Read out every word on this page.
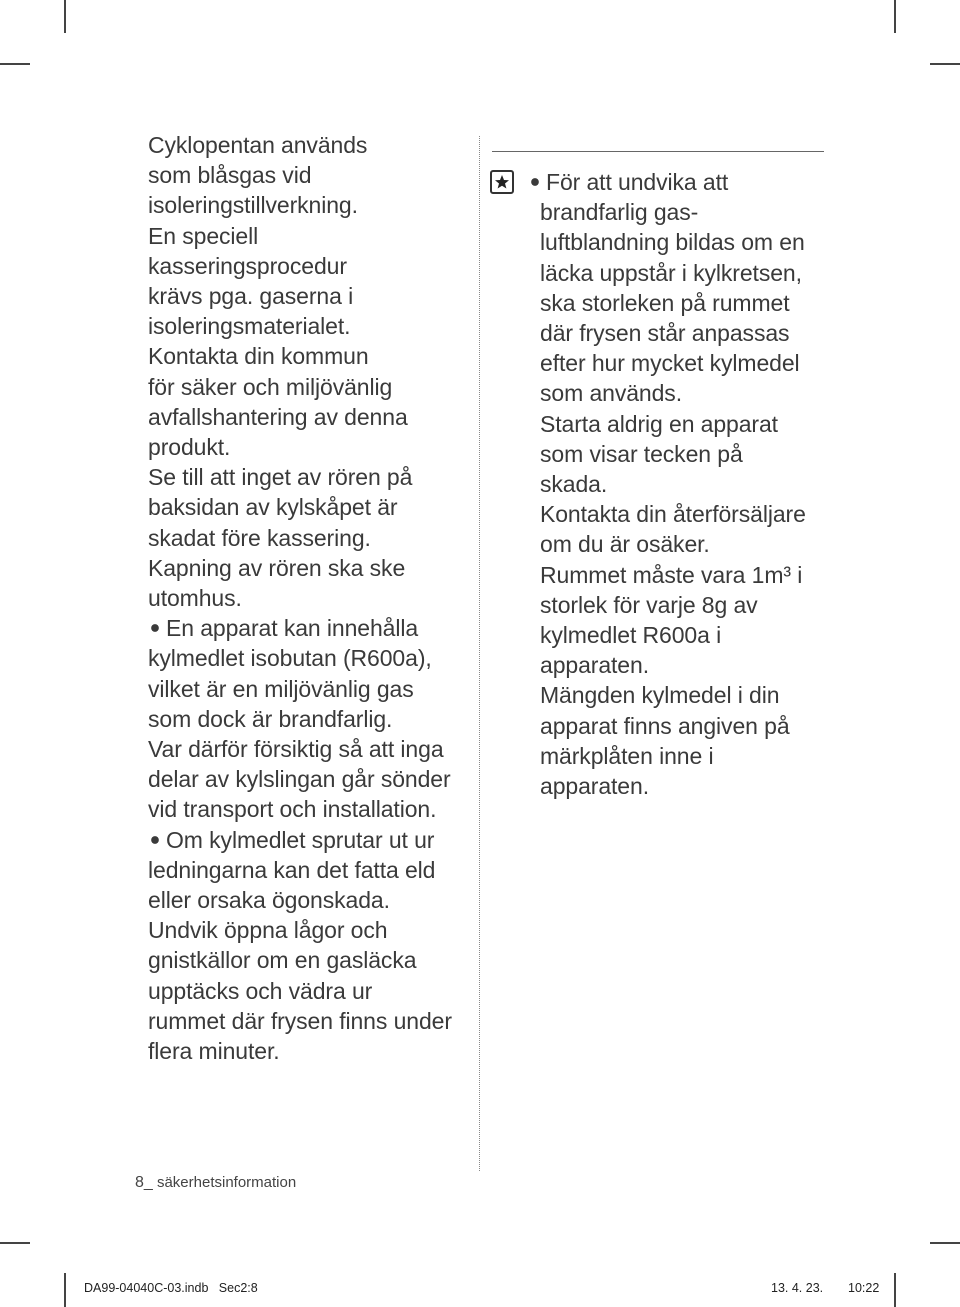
Cyklopentan används

som blåsgas vid

isoleringstillverkning.

En speciell

kasseringsprocedur

krävs pga. gaserna i

isoleringsmaterialet.

Kontakta din kommun

för säker och miljövänlig

avfallshantering av denna

produkt.

Se till att inget av rören på

baksidan av kylskåpet är

skadat före kassering.

Kapning av rören ska ske

utomhus.

En apparat kan innehålla

kylmedlet isobutan (R600a),

vilket är en miljövänlig gas

som dock är brandfarlig.

Var därför försiktig så att inga

delar av kylslingan går sönder

vid transport och installation.

Om kylmedlet sprutar ut ur

ledningarna kan det fatta eld

eller orsaka ögonskada.

Undvik öppna lågor och

gnistkällor om en gasläcka

upptäcks och vädra ur

rummet där frysen finns under

flera minuter.

För att undvika att

brandfarlig gas-

luftblandning bildas om en

läcka uppstår i kylkretsen,

ska storleken på rummet

där frysen står anpassas

efter hur mycket kylmedel

som används.

Starta aldrig en apparat

som visar tecken på

skada.

Kontakta din återförsäljare

om du är osäker.

Rummet måste vara 1m³ i

storlek för varje 8g av

kylmedlet R600a i

apparaten.

Mängden kylmedel i din

apparat finns angiven på

märkplåten inne i

apparaten.

8_ säkerhetsinformation
DA99-04040C-03.indb   Sec2:8	13. 4. 23. 10:22
